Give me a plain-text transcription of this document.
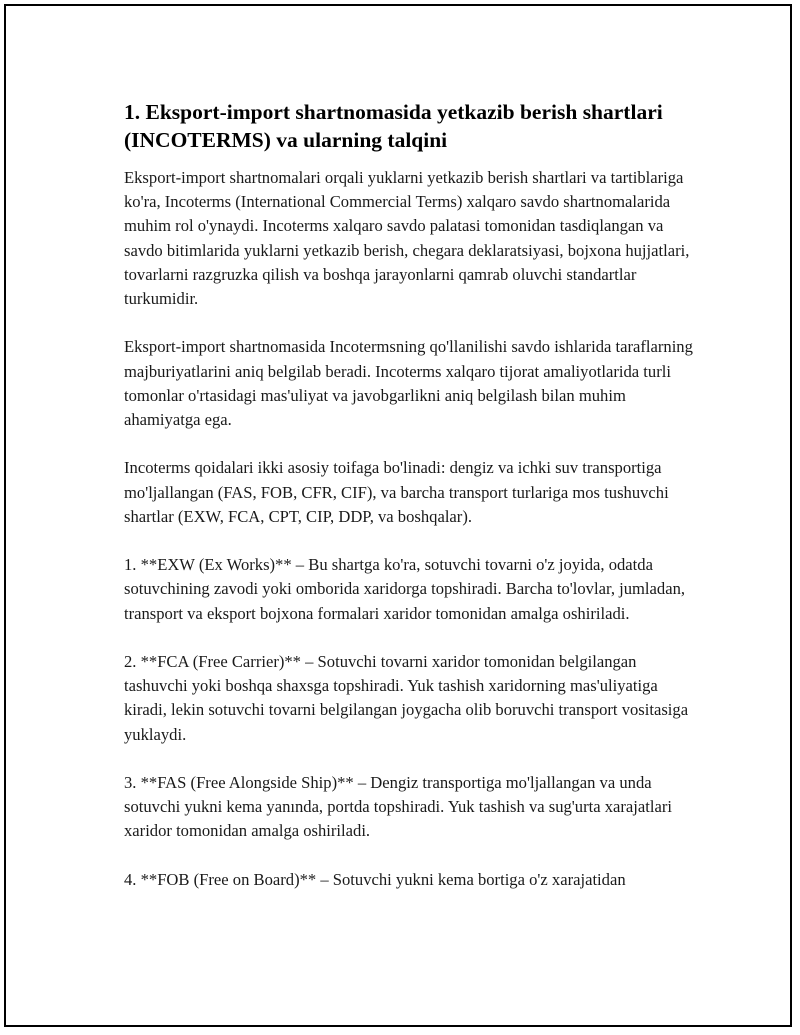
1. Eksport-import shartnomasida yetkazib berish shartlari (INCOTERMS) va ularning talqini

Eksport-import shartnomalari orqali yuklarni yetkazib berish shartlari va tartiblariga ko'ra, Incoterms (International Commercial Terms) xalqaro savdo shartnomalarida muhim rol o'ynaydi. Incoterms xalqaro savdo palatasi tomonidan tasdiqlangan va savdo bitimlarida yuklarni yetkazib berish, chegara deklaratsiyasi, bojxona hujjatlari, tovarlarni razgruzka qilish va boshqa jarayonlarni qamrab oluvchi standartlar turkumidir.

Eksport-import shartnomasida Incotermsning qo'llanilishi savdo ishlarida taraflarning majburiyatlarini aniq belgilab beradi. Incoterms xalqaro tijorat amaliyotlarida turli tomonlar o'rtasidagi mas'uliyat va javobgarlikni aniq belgilash bilan muhim ahamiyatga ega.

Incoterms qoidalari ikki asosiy toifaga bo'linadi: dengiz va ichki suv transportiga mo'ljallangan (FAS, FOB, CFR, CIF), va barcha transport turlariga mos tushuvchi shartlar (EXW, FCA, CPT, CIP, DDP, va boshqalar).

1. **EXW (Ex Works)** – Bu shartga ko'ra, sotuvchi tovarni o'z joyida, odatda sotuvchining zavodi yoki omborida xaridorga topshiradi. Barcha to'lovlar, jumladan, transport va eksport bojxona formalari xaridor tomonidan amalga oshiriladi.

2. **FCA (Free Carrier)** – Sotuvchi tovarni xaridor tomonidan belgilangan tashuvchi yoki boshqa shaxsga topshiradi. Yuk tashish xaridorning mas'uliyatiga kiradi, lekin sotuvchi tovarni belgilangan joygacha olib boruvchi transport vositasiga yuklaydi.

3. **FAS (Free Alongside Ship)** – Dengiz transportiga mo'ljallangan va unda sotuvchi yukni kema yanında, portda topshiradi. Yuk tashish va sug'urta xarajatlari xaridor tomonidan amalga oshiriladi.

4. **FOB (Free on Board)** – Sotuvchi yukni kema bortiga o'z xarajatidan
